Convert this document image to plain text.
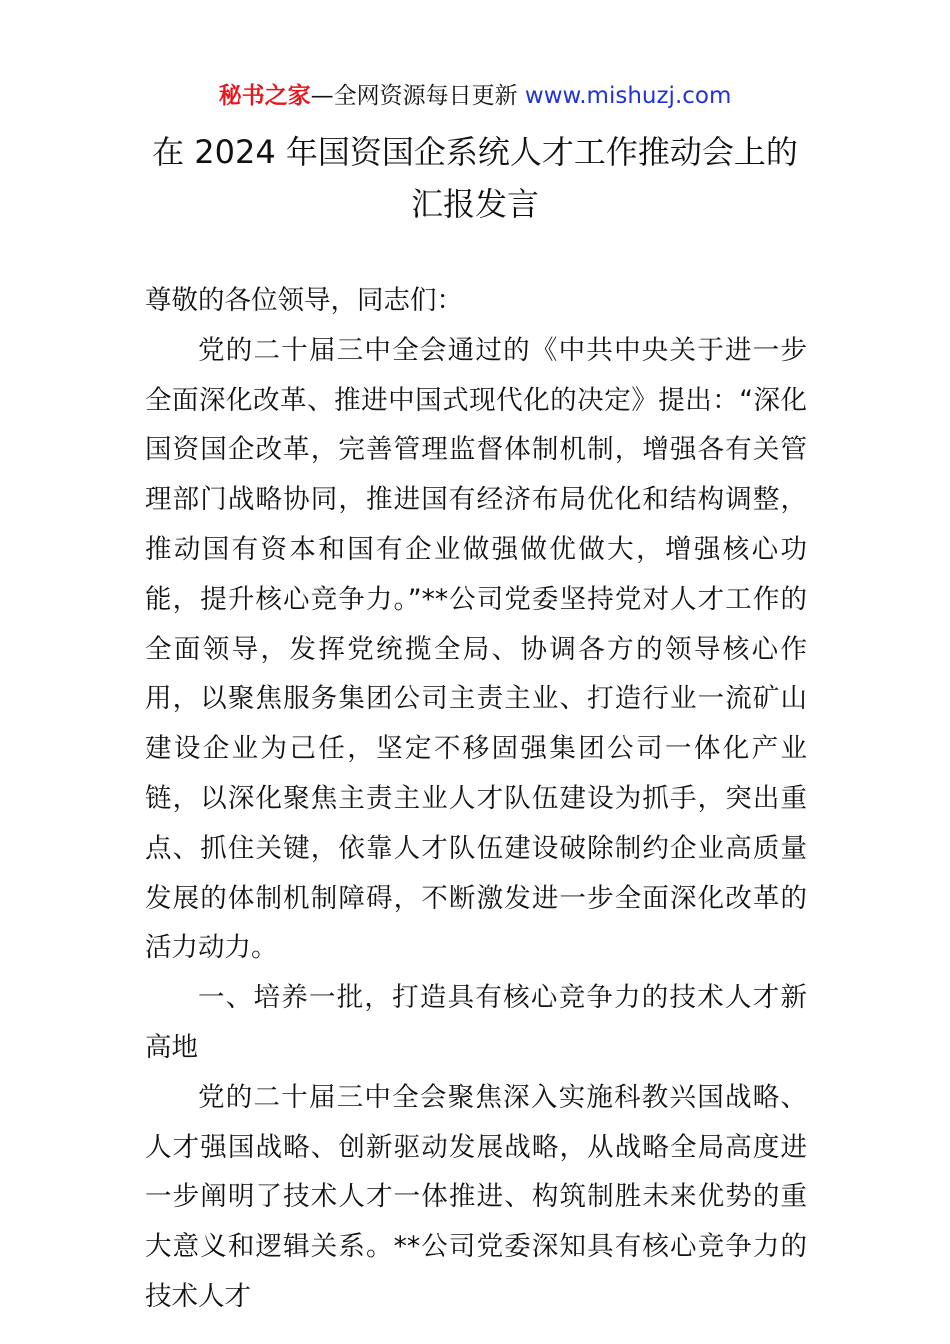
秘书之家—全网资源每日更新 www.mishuzj.com
在 2024 年国资国企系统人才工作推动会上的
汇报发言

尊敬的各位领导，同志们：

党的二十届三中全会通过的《中共中央关于进一步全面深化改革、推进中国式现代化的决定》提出：“深化国资国企改革，完善管理监督体制机制，增强各有关管理部门战略协同，推进国有经济布局优化和结构调整，推动国有资本和国有企业做强做优做大，增强核心功能，提升核心竞争力。”**公司党委坚持党对人才工作的全面领导，发挥党统揽全局、协调各方的领导核心作用，以聚焦服务集团公司主责主业、打造行业一流矿山建设企业为己任，坚定不移固强集团公司一体化产业链，以深化聚焦主责主业人才队伍建设为抓手，突出重点、抓住关键，依靠人才队伍建设破除制约企业高质量发展的体制机制障碍，不断激发进一步全面深化改革的活力动力。

一、培养一批，打造具有核心竞争力的技术人才新高地

党的二十届三中全会聚焦深入实施科教兴国战略、人才强国战略、创新驱动发展战略，从战略全局高度进一步阐明了技术人才一体推进、构筑制胜未来优势的重大意义和逻辑关系。**公司党委深知具有核心竞争力的技术人才
